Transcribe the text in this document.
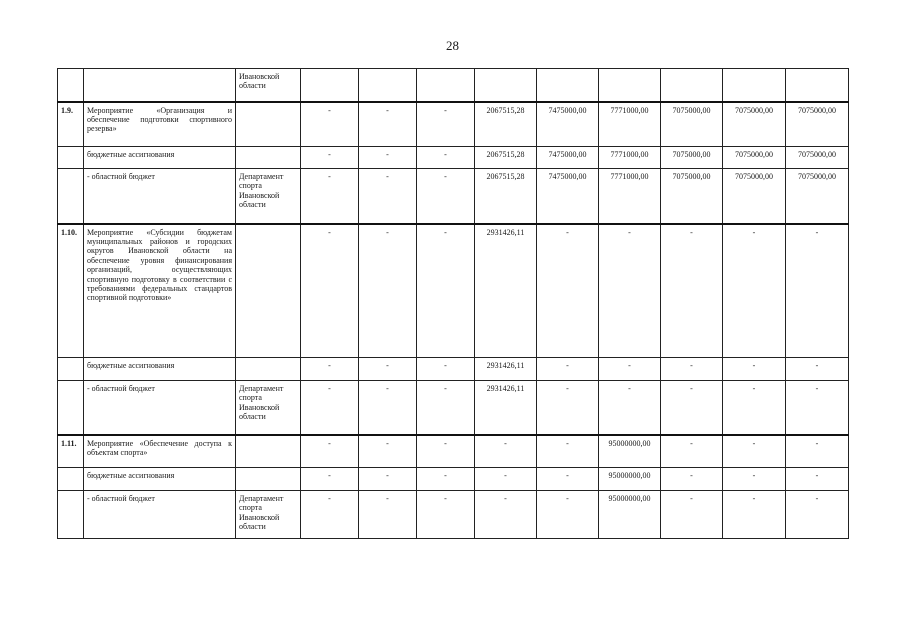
28
		Ивановской области										
1.9.	Мероприятие «Организация и обеспечение подготовки спортивного резерва»		-	-	-	2067515,28	7475000,00	7771000,00	7075000,00	7075000,00	7075000,00	
	бюджетные ассигнования		-	-	-	2067515,28	7475000,00	7771000,00	7075000,00	7075000,00	7075000,00	
	- областной бюджет	Департамент спорта Ивановской области	-	-	-	2067515,28	7475000,00	7771000,00	7075000,00	7075000,00	7075000,00	
1.10.	Мероприятие «Субсидии бюджетам муниципальных районов и городских округов Ивановской области на обеспечение уровня финансирования организаций, осуществляющих спортивную подготовку в соответствии с требованиями федеральных стандартов спортивной подготовки»		-	-	-	2931426,11	-	-	-	-	-	
	бюджетные ассигнования		-	-	-	2931426,11	-	-	-	-	-	
	- областной бюджет	Департамент спорта Ивановской области	-	-	-	2931426,11	-	-	-	-	-	
1.11.	Мероприятие «Обеспечение доступа к объектам спорта»		-	-	-	-	-	95000000,00	-	-	-	
	бюджетные ассигнования		-	-	-	-	-	95000000,00	-	-	-	
	- областной бюджет	Департамент спорта Ивановской области	-	-	-	-	-	95000000,00	-	-	-	
